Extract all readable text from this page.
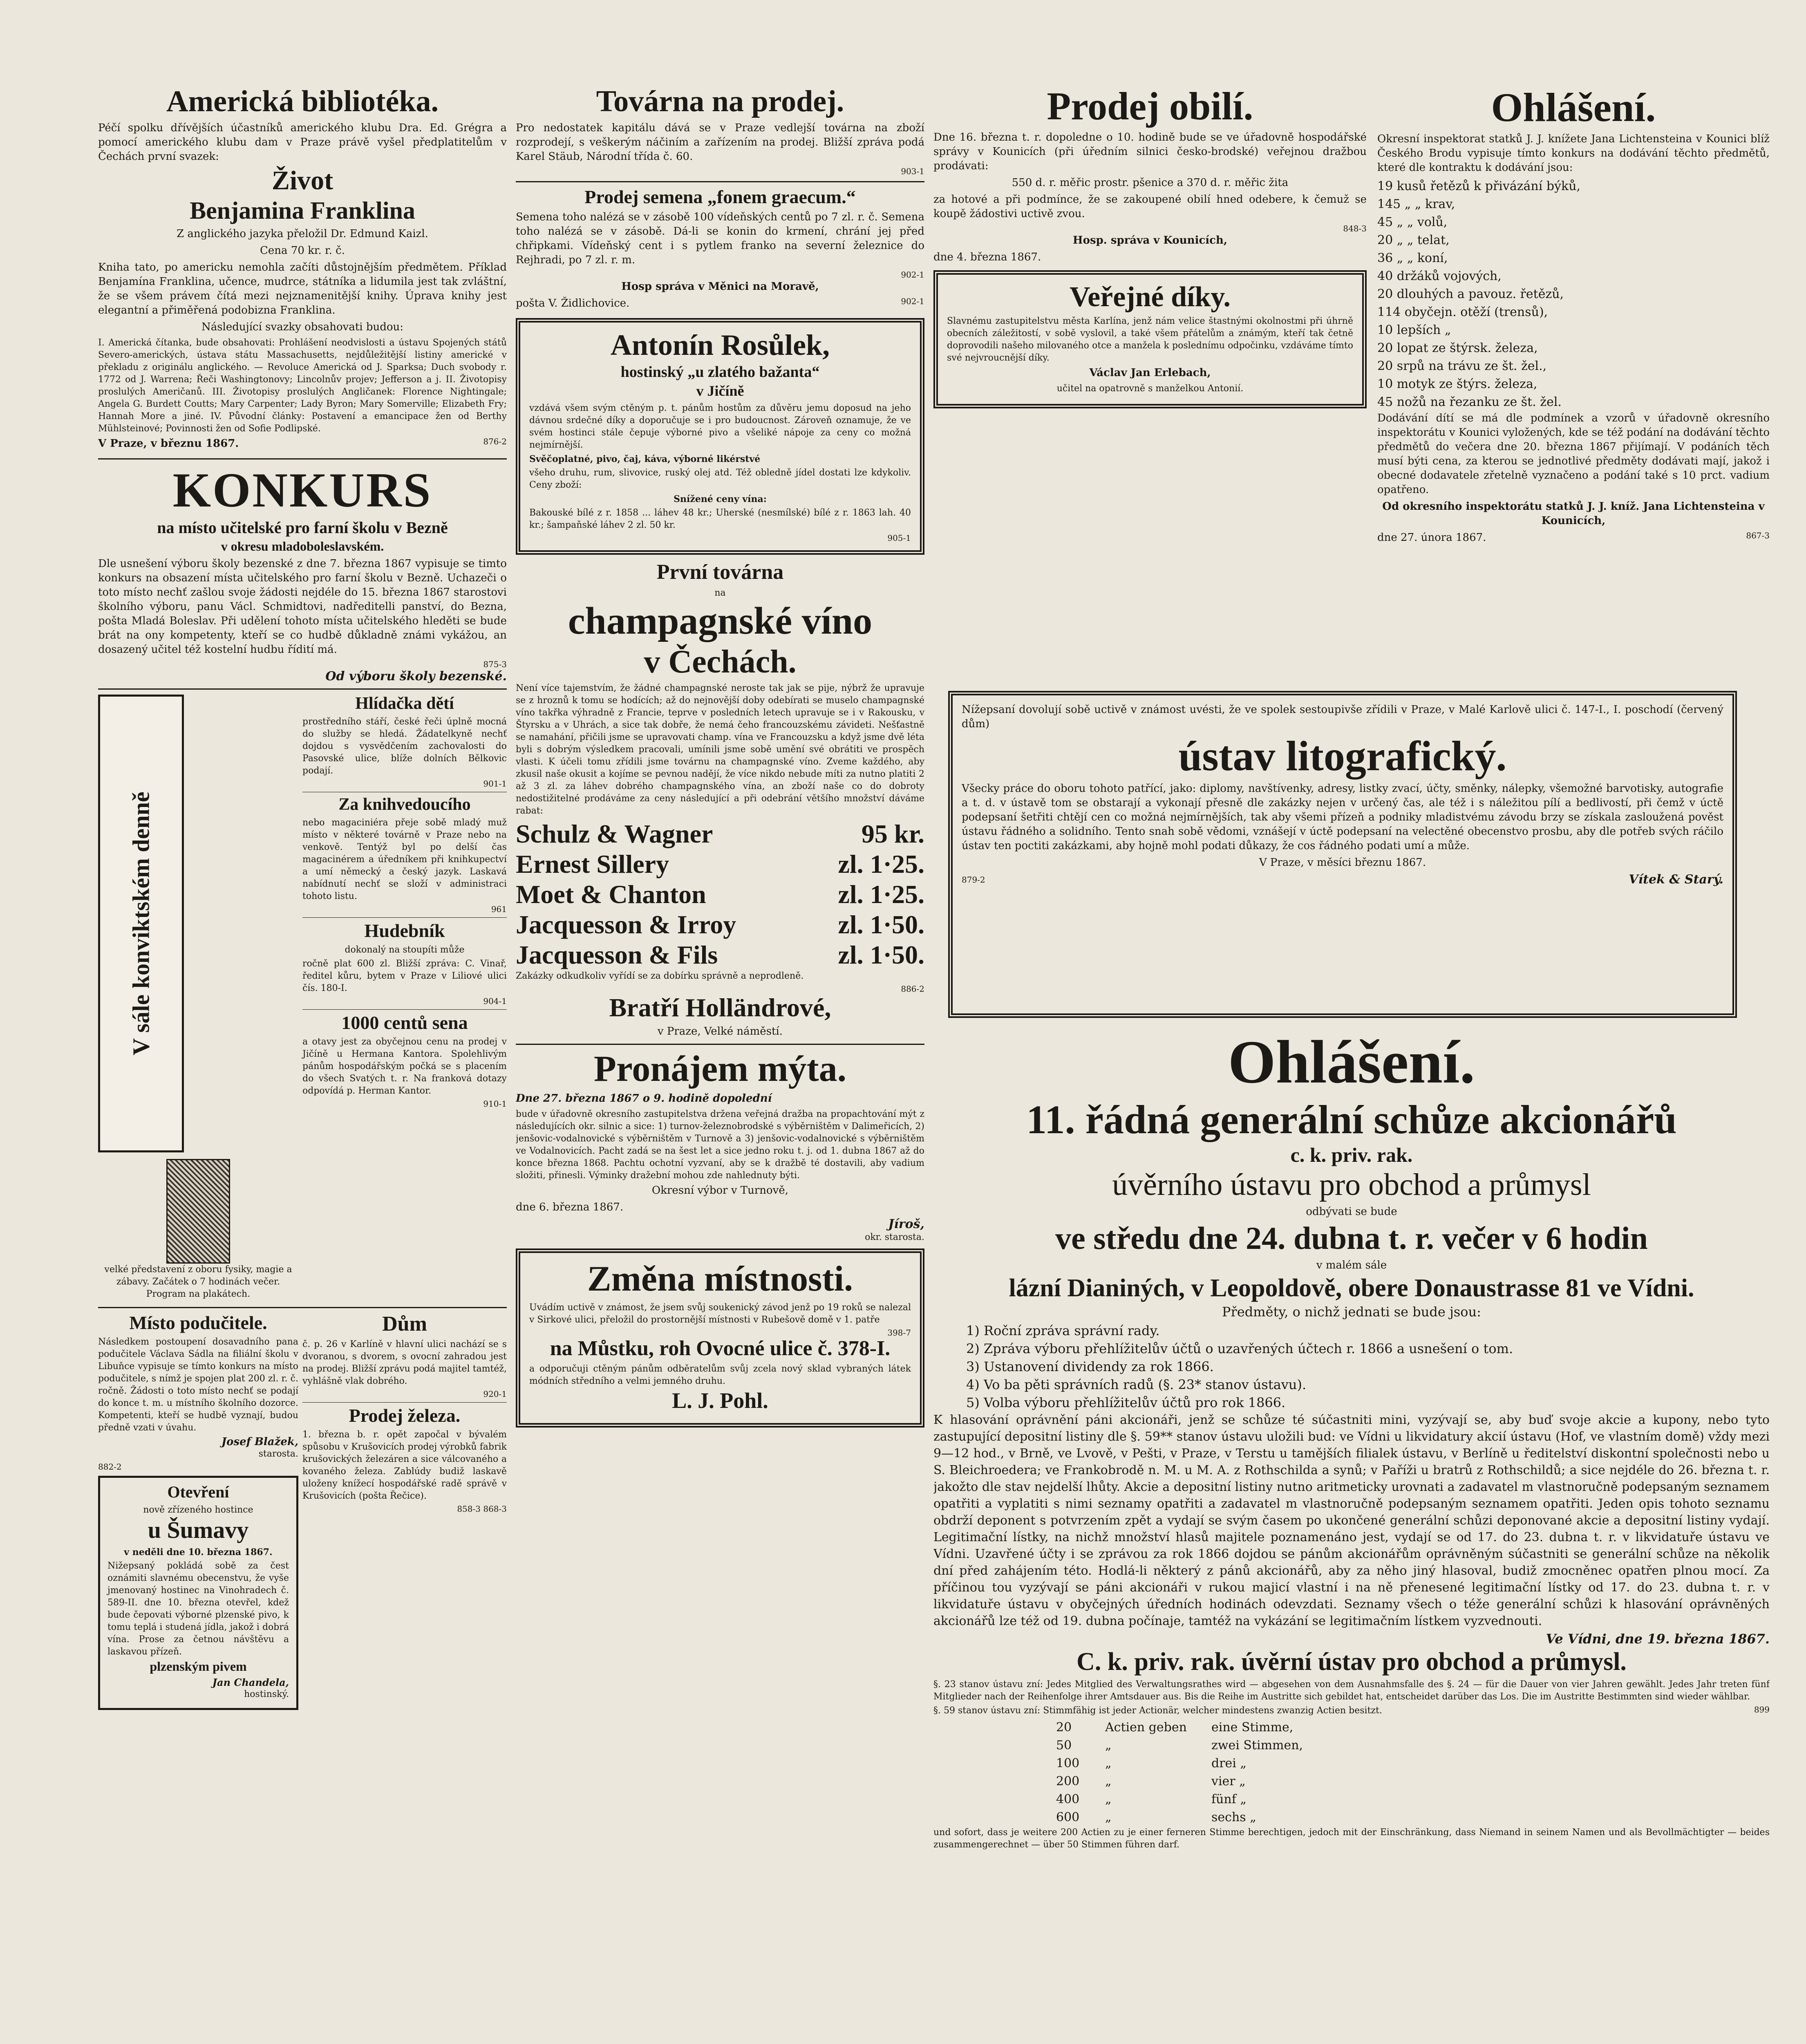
Americká bibliotéka.
Péčí spolku dřívějších účastníků amerického klubu Dra. Ed. Grégra a pomocí amerického klubu dam v Praze právě vyšel předplatitelům v Čechách první svazek:
Život
Benjamina Franklina
Z anglického jazyka přeložil Dr. Edmund Kaizl.
Cena 70 kr. r. č.
Kniha tato, po americku nemohla začíti důstojnějším předmětem. Příklad Benjamína Franklina, učence, mudrce, státníka a lidumila jest tak zvláštní, že se všem právem čítá mezi nejznamenitější knihy. Úprava knihy jest elegantní a přiměřená podobizna Franklina.
Následující svazky obsahovati budou:
I. Americká čítanka, bude obsahovati: Prohlášení neodvislosti a ústavu Spojených států Severo-amerických, ústava státu Massachusetts, nejdůležitější listiny americké v překladu z originálu anglického. — Revoluce Americká od J. Sparksa; Duch svobody r. 1772 od J. Warrena; Řeči Washingtonovy; Lincolnův projev; Jefferson a j. II. Životopisy proslulých Američanů. III. Životopisy proslulých Angličanek: Florence Nightingale; Angela G. Burdett Coutts; Mary Carpenter; Lady Byron; Mary Somerville; Elizabeth Fry; Hannah More a jiné. IV. Původní články: Postavení a emancipace žen od Berthy Mühlsteinové; Povinnosti žen od Sofie Podlipské.
V Praze, v březnu 1867.	876-2
KONKURS
na místo učitelské pro farní školu v Bezně
v okresu mladoboleslavském.
Dle usnešení výboru školy bezenské z dne 7. března 1867 vypisuje se timto konkurs na obsazení místa učitelského pro farní školu v Bezně. Uchazeči o toto místo nechť zašlou svoje žádosti nejdéle do 15. března 1867 starostovi školního výboru, panu Václ. Schmidtovi, nadředitelli panství, do Bezna, pošta Mladá Boleslav. Při udělení tohoto místa učitelského hleděti se bude brát na ony kompetenty, kteří se co hudbě důkladně známi vykážou, an dosazený učitel též kostelní hudbu řídití má.
875-3
Od výboru školy bezenské.
V sále konviktském denně
velké představení z oboru fysiky, magie a zábavy. Začátek o 7 hodinách večer. Program na plakátech.
Hlídačka dětí
prostředního stáří, české řeči úplně mocná do služby se hledá. Žádatelkyně nechť dojdou s vysvědčením zachovalosti do Pasovské ulice, blíže dolních Bělkovic podají.
901-1
Za knihvedoucího
nebo magaciniéra přeje sobě mladý muž místo v některé továrně v Praze nebo na venkově. Tentýž byl po delší čas magacinérem a úředníkem při knihkupectví a umí německý a český jazyk. Laskavá nabídnutí nechť se složí v administraci tohoto listu.
961
Hudebník
dokonalý na stoupíti může
ročně plat 600 zl. Bližší zpráva: C. Vinař, ředitel kůru, bytem v Praze v Liliové ulici čís. 180-I.
904-1
1000 centů sena
a otavy jest za obyčejnou cenu na prodej v Jičíně u Hermana Kantora. Spolehlivým pánům hospodářským počká se s placením do všech Svatých t. r. Na franková dotazy odpovídá p. Herman Kantor.
910-1
Místo podučitele.
Následkem postoupení dosavadního pana podučitele Václava Sádla na filiální školu v Libuňce vypisuje se tímto konkurs na místo podučitele, s nímž je spojen plat 200 zl. r. č. ročně. Žádosti o toto místo nechť se podají do konce t. m. u místního školního dozorce. Kompetenti, kteří se hudbě vyznají, budou předně vzati v úvahu.
Josef Blažek,
starosta.
882-2
Otevření
nově zřízeného hostince
u Šumavy
v neděli dne 10. března 1867.
Nižepsaný pokládá sobě za čest oznámiti slavnému obecenstvu, že vyše jmenovaný hostinec na Vinohradech č. 589-II. dne 10. března otevřel, kdež bude čepovati výborné plzenské pivo, k tomu teplá i studená jídla, jakož i dobrá vína. Prose za četnou návštěvu a laskavou přízeň.
plzenským pivem
Jan Chandela,
hostinský.
Dům
č. p. 26 v Karlíně v hlavní ulici nachází se s dvoranou, s dvorem, s ovocní zahradou jest na prodej. Bližší zprávu podá majitel tamtéž, vyhlášně vlak dobrého.
920-1
Prodej železa.
1. března b. r. opět započal v bývalém spůsobu v Krušovicích prodej výrobků fabrik krušovických železáren a sice válcovaného a kovaného železa. Zablúdy budiž laskavě uloženy knížecí hospodářské radě správě v Krušovicích (pošta Řečice).
858-3 868-3
Továrna na prodej.
Pro nedostatek kapitálu dává se v Praze vedlejší továrna na zboží rozprodejí, s veškerým náčiním a zařízením na prodej. Bližší zpráva podá Karel Stäub, Národní třída č. 60.
903-1
Prodej semena „fonem graecum.“
Semena toho nalézá se v zásobě 100 vídeňských centů po 7 zl. r. č. Semena toho nalézá se v zásobě. Dá-li se konin do krmení, chrání jej před chřipkami. Vídeňský cent i s pytlem franko na severní železnice do Rejhradi, po 7 zl. r. m.
902-1
Hosp správa v Měnici na Moravě,
pošta V. Židlichovice.	902-1
Antonín Rosůlek,
hostinský „u zlatého bažanta“
v Jičíně
vzdává všem svým ctěným p. t. pánům hostům za důvěru jemu doposud na jeho dávnou srdečné díky a doporučuje se i pro budoucnost. Zároveň oznamuje, že ve svém hostinci stále čepuje výborné pivo a všeliké nápoje za ceny co možná nejmírnější.
Svěčoplatné, pivo, čaj, káva, výborné likérstvé
všeho druhu, rum, slivovice, ruský olej atd. Též obledně jídel dostati lze kdykoliv. Ceny zboží:
Snížené ceny vína:
Bakouské bílé z r. 1858 ... láhev 48 kr.; Uherské (nesmílské) bílé z r. 1863 lah. 40 kr.; šampaňské láhev 2 zl. 50 kr.
905-1
První továrna
na
champagnské víno
v Čechách.
Není více tajemstvím, že žádné champagnské neroste tak jak se pije, nýbrž že upravuje se z hroznů k tomu se hodících; až do nejnovější doby odebírati se muselo champagnské víno takřka výhradně z Francie, teprve v posledních letech upravuje se i v Rakousku, v Štyrsku a v Uhrách, a sice tak dobře, že nemá čeho francouzskému závideti. Nešťastně se namahání, přičili jsme se upravovati champ. vína ve Francouzsku a když jsme dvě léta byli s dobrým výsledkem pracovali, umínili jsme sobě umění své obrátiti ve prospěch vlasti. K účeli tomu zřídili jsme továrnu na champagnské víno. Zveme každého, aby zkusil naše okusit a kojíme se pevnou nadějí, že více nikdo nebude míti za nutno platiti 2 až 3 zl. za láhev dobrého champagnského vína, an zboží naše co do dobroty nedostižitelné prodáváme za ceny následující a při odebrání většího množství dáváme rabat:
Schulz & Wagner	95 kr.
Ernest Sillery	zl. 1·25.
Moet & Chanton	zl. 1·25.
Jacquesson & Irroy	zl. 1·50.
Jacquesson & Fils	zl. 1·50.
Zakázky odkudkoliv vyřídí se za dobírku správně a neprodleně.
886-2
Bratří Holländrové,
v Praze, Velké náměstí.
Pronájem mýta.
Dne 27. března 1867 o 9. hodině dopolední
bude v úřadovně okresního zastupitelstva držena veřejná dražba na propachtování mýt z následujících okr. silnic a sice: 1) turnov-železnobrodské s výběrništěm v Dalimeřicích, 2) jenšovic-vodalnovické s výběrništěm v Turnově a 3) jenšovic-vodalnovické s výběrništěm ve Vodalnovicích. Pacht zadá se na šest let a sice jedno roku t. j. od 1. dubna 1867 až do konce března 1868. Pachtu ochotní vyzvaní, aby se k dražbě té dostavili, aby vadium složiti, přinesli. Výminky dražební mohou zde nahlednuty býti.
Okresní výbor v Turnově,
dne 6. března 1867.
Jíroš,
okr. starosta.
Změna místnosti.
Uvádím uctivě v známost, že jsem svůj soukenický závod jenž po 19 roků se nalezal v Sirkové ulici, přeložil do prostornější místnosti v Rubešově domě v 1. patře
398-7
na Můstku, roh Ovocné ulice č. 378-I.
a odporučuji ctěným pánům odběratelům svůj zcela nový sklad vybraných látek módních středního a velmi jemného druhu.
L. J. Pohl.
Prodej obilí.
Dne 16. března t. r. dopoledne o 10. hodině bude se ve úřadovně hospodářské správy v Kounicích (při úředním silnici česko-brodské) veřejnou dražbou prodávati:
550 d. r. měřic prostr. pšenice a 370 d. r. měřic žita
za hotové a při podmínce, že se zakoupené obilí hned odebere, k čemuž se koupě žádostivi uctivě zvou.
848-3
Hosp. správa v Kounicích,
dne 4. března 1867.
Veřejné díky.
Slavnému zastupitelstvu města Karlína, jenž nám velice štastnými okolnostmi při úhrně obecních záležitostí, v sobě vyslovil, a také všem přátelům a známým, kteří tak četně doprovodili našeho milovaného otce a manžela k poslednímu odpočinku, vzdáváme tímto své nejvroucnější díky.
Václav Jan Erlebach,
učitel na opatrovně s manželkou Antonií.
Ohlášení.
Okresní inspektorat statků J. J. knížete Jana Lichtensteina v Kounici blíž Českého Brodu vypisuje tímto konkurs na dodávání těchto předmětů, které dle kontraktu k dodávání jsou:
19 kusů řetězů k přivázání býků,
145 „ „ krav,
45 „ „ volů,
20 „ „ telat,
36 „ „ koní,
40 držáků vojových,
20 dlouhých a pavouz. řetězů,
114 obyčejn. otěží (trensů),
10 lepších „
20 lopat ze štýrsk. železa,
20 srpů na trávu ze št. žel.,
10 motyk ze štýrs. železa,
45 nožů na řezanku ze št. žel.
Dodávání dítí se má dle podmínek a vzorů v úřadovně okresního inspektorátu v Kounici vyložených, kde se též podání na dodávání těchto předmětů do večera dne 20. března 1867 přijímají. V podáních těch musí býti cena, za kterou se jednotlivé předměty dodávati mají, jakož i obecné dodavatele zřetelně vyznačeno a podání také s 10 prct. vadium opatřeno.
Od okresního inspektorátu statků J. J. kníž. Jana Lichtensteina v Kounicích,
dne 27. února 1867.	867-3
Nížepsaní dovolují sobě uctivě v známost uvésti, že ve spolek sestoupivše zřídili v Praze, v Malé Karlově ulici č. 147-I., I. poschodí (červený dům)
ústav litografický.
Všecky práce do oboru tohoto patřící, jako: diplomy, navštívenky, adresy, listky zvací, účty, směnky, nálepky, všemožné barvotisky, autografie a t. d. v ústavě tom se obstarají a vykonají přesně dle zakázky nejen v určený čas, ale též i s náležitou pílí a bedlivostí, při čemž v úctě podepsaní šetřiti chtějí cen co možná nejmírnějších, tak aby všemi přízeň a podniky mladistvému závodu brzy se získala zasloužená pověst ústavu řádného a solidního. Tento snah sobě vědomi, vznášejí v úctě podepsaní na velectěné obecenstvo prosbu, aby dle potřeb svých ráčilo ústav ten poctiti zakázkami, aby hojně mohl podati důkazy, že cos řádného podati umí a může.
V Praze, v měsíci březnu 1867.
879-2	Vítek & Starý.
Ohlášení.
11. řádná generální schůze akcionářů
c. k. priv. rak.
úvěrního ústavu pro obchod a průmysl
odbývati se bude
ve středu dne 24. dubna t. r. večer v 6 hodin
v malém sále
lázní Dianiných, v Leopoldově, obere Donaustrasse 81 ve Vídni.
Předměty, o nichž jednati se bude jsou:
1) Roční zpráva správní rady.
2) Zpráva výboru přehlížitelův účtů o uzavřených účtech r. 1866 a usnešení o tom.
3) Ustanovení dividendy za rok 1866.
4) Vo ba pěti správních radů (§. 23* stanov ústavu).
5) Volba výboru přehlížitelův účtů pro rok 1866.
K hlasování oprávnění páni akcionáři, jenž se schůze té súčastniti mini, vyzývají se, aby buď svoje akcie a kupony, nebo tyto zastupující depositní listiny dle §. 59** stanov ústavu uložili bud: ve Vídni u likvidatury akcií ústavu (Hof, ve vlastním domě) vždy mezi 9—12 hod., v Brně, ve Lvově, v Pešti, v Praze, v Terstu u tamějších filialek ústavu, v Berlíně u ředitelství diskontní společnosti nebo u S. Bleichroedera; ve Frankobrodě n. M. u M. A. z Rothschilda a synů; v Paříži u bratrů z Rothschildů; a sice nejdéle do 26. března t. r. jakožto dle stav nejdelší lhůty. Akcie a depositní listiny nutno aritmeticky urovnati a zadavatel m vlastnoručně podepsaným seznamem opatřiti a vyplatiti s nimi seznamy opatřiti a zadavatel m vlastnoručně podepsaným seznamem opatřiti. Jeden opis tohoto seznamu obdrží deponent s potvrzením zpět a vydají se svým časem po ukončené generální schůzi deponované akcie a depositní listiny vydají. Legitimační lístky, na nichž množství hlasů majitele poznamenáno jest, vydají se od 17. do 23. dubna t. r. v likvidatuře ústavu ve Vídni. Uzavřené účty i se zprávou za rok 1866 dojdou se pánům akcionářům oprávněným súčastniti se generální schůze na několik dní před zahájením této. Hodlá-li některý z pánů akcionářů, aby za něho jiný hlasoval, budiž zmocněnec opatřen plnou mocí. Za příčinou tou vyzývají se páni akcionáři v rukou majicí vlastní i na ně přenesené legitimační lístky od 17. do 23. dubna t. r. v likvidatuře ústavu v obyčejných úředních hodinách odevzdati. Seznamy všech o téže generální schůzi k hlasování oprávněných akcionářů lze též od 19. dubna počínaje, tamtéž na vykázání se legitimačním lístkem vyzvednouti.
Ve Vídni, dne 19. března 1867.
C. k. priv. rak. úvěrní ústav pro obchod a průmysl.
§. 23 stanov ústavu zní: Jedes Mitglied des Verwaltungsrathes wird — abgesehen von dem Ausnahmsfalle des §. 24 — für die Dauer von vier Jahren gewählt. Jedes Jahr treten fünf Mitglieder nach der Reihenfolge ihrer Amtsdauer aus. Bis die Reihe im Austritte sich gebildet hat, entscheidet darüber das Los. Die im Austritte Bestimmten sind wieder wählbar.
§. 59 stanov ústavu zní: Stimmfähig ist jeder Actionär, welcher mindestens zwanzig Actien besitzt.	899
20	Actien geben	eine Stimme,
50	„	zwei Stimmen,
100	„	drei „
200	„	vier „
400	„	fünf „
600	„	sechs „
und sofort, dass je weitere 200 Actien zu je einer ferneren Stimme berechtigen, jedoch mit der Einschränkung, dass Niemand in seinem Namen und als Bevollmächtigter — beides zusammengerechnet — über 50 Stimmen führen darf.
